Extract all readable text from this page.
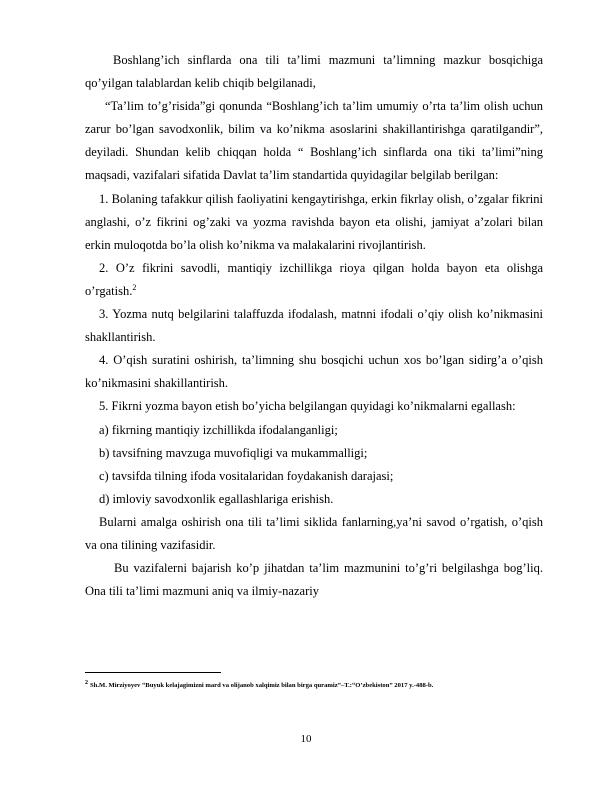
Boshlang’ich sinflarda ona tili ta’limi mazmuni ta’limning mazkur bosqichiga qo’yilgan talablardan kelib chiqib belgilanadi,

“Ta’lim to’g’risida”gi qonunda “Boshlang’ich ta’lim umumiy o’rta ta’lim olish uchun zarur bo’lgan savodxonlik, bilim va ko’nikma asoslarini shakillantirishga qaratilgandir”, deyiladi. Shundan kelib chiqqan holda “ Boshlang’ich sinflarda ona tiki ta’limi”ning maqsadi, vazifalari sifatida Davlat ta’lim standartida quyidagilar belgilab berilgan:

1. Bolaning tafakkur qilish faoliyatini kengaytirishga, erkin fikrlay olish, o’zgalar fikrini anglashi, o’z fikrini og’zaki va yozma ravishda bayon eta olishi, jamiyat a’zolari bilan erkin muloqotda bo’la olish ko’nikma va malakalarini rivojlantirish.

2. O’z fikrini savodli, mantiqiy izchillikga rioya qilgan holda bayon eta olishga o’rgatish.$^2$

3. Yozma nutq belgilarini talaffuzda ifodalash, matnni ifodali o’qiy olish ko’nikmasini shakllantirish.

4. O’qish suratini oshirish, ta’limning shu bosqichi uchun xos bo’lgan sidirg’a o’qish ko’nikmasini shakillantirish.

5. Fikrni yozma bayon etish bo’yicha belgilangan quyidagi ko’nikmalarni egallash:

a) fikrning mantiqiy izchillikda ifodalanganligi;

b) tavsifning mavzuga muvofiqligi va mukammalligi;

c) tavsifda tilning ifoda vositalaridan foydakanish darajasi;

d) imloviy savodxonlik egallashlariga erishish.

Bularni amalga oshirish ona tili ta’limi siklida fanlarning,ya’ni savod o’rgatish, o’qish va ona tilining vazifasidir.

Bu vazifalerni bajarish ko’p jihatdan ta’lim mazmunini to’g’ri belgilashga bog’liq. Ona tili ta’limi mazmuni aniq va ilmiy-nazariy

2 Sh.M. Mirziyoyev “Buyuk kelajagimizni mard va olijanob xalqimiz bilan birga quramiz”–T.:“O’zbekiston” 2017 y.-488-b.
10
